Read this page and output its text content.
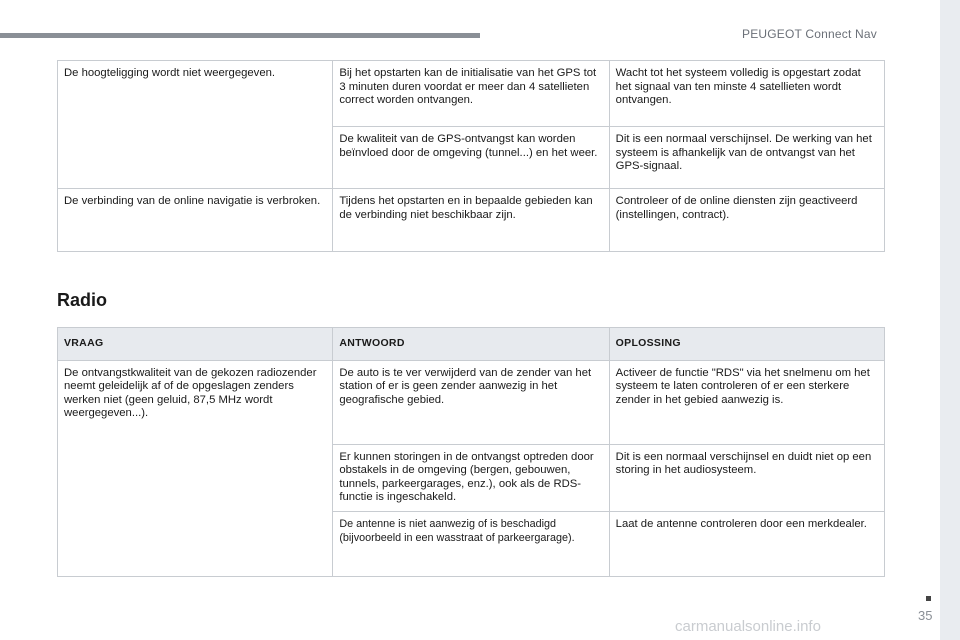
PEUGEOT Connect Nav
De hoogteligging wordt niet weergegeven.	Bij het opstarten kan de initialisatie van het GPS tot 3 minuten duren voordat er meer dan 4 satellieten correct worden ontvangen.	Wacht tot het systeem volledig is opgestart zodat het signaal van ten minste 4 satellieten wordt ontvangen.
	De kwaliteit van de GPS-ontvangst kan worden beïnvloed door de omgeving (tunnel...) en het weer.	Dit is een normaal verschijnsel. De werking van het systeem is afhankelijk van de ontvangst van het GPS-signaal.
De verbinding van de online navigatie is verbroken.	Tijdens het opstarten en in bepaalde gebieden kan de verbinding niet beschikbaar zijn.	Controleer of de online diensten zijn geactiveerd (instellingen, contract).
Radio
VRAAG	ANTWOORD	OPLOSSING
De ontvangstkwaliteit van de gekozen radiozender neemt geleidelijk af of de opgeslagen zenders werken niet (geen geluid, 87,5 MHz wordt weergegeven...).	De auto is te ver verwijderd van de zender van het station of er is geen zender aanwezig in het geografische gebied.	Activeer de functie "RDS" via het snelmenu om het systeem te laten controleren of er een sterkere zender in het gebied aanwezig is.
	Er kunnen storingen in de ontvangst optreden door obstakels in de omgeving (bergen, gebouwen, tunnels, parkeergarages, enz.), ook als de RDS-functie is ingeschakeld.	Dit is een normaal verschijnsel en duidt niet op een storing in het audiosysteem.
	De antenne is niet aanwezig of is beschadigd (bijvoorbeeld in een wasstraat of parkeergarage).	Laat de antenne controleren door een merkdealer.
35
carmanualsonline.info
